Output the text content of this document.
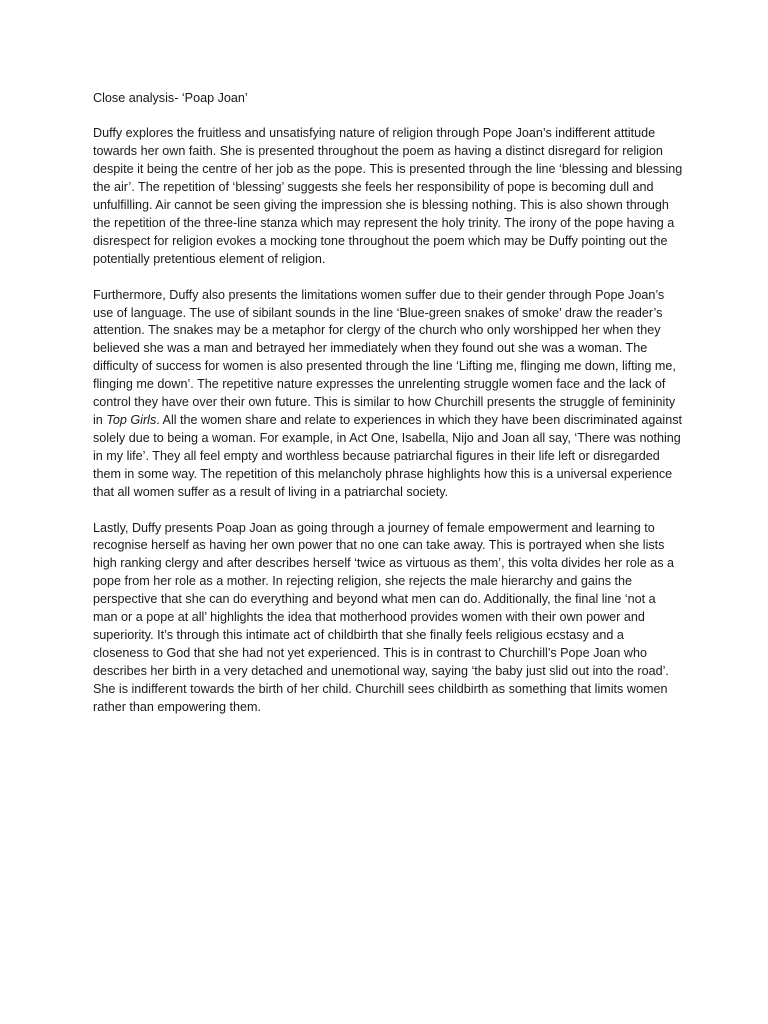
Close analysis- ‘Poap Joan’

Duffy explores the fruitless and unsatisfying nature of religion through Pope Joan’s indifferent attitude towards her own faith. She is presented throughout the poem as having a distinct disregard for religion despite it being the centre of her job as the pope. This is presented through the line ‘blessing and blessing the air’. The repetition of ‘blessing’ suggests she feels her responsibility of pope is becoming dull and unfulfilling. Air cannot be seen giving the impression she is blessing nothing. This is also shown through the repetition of the three-line stanza which may represent the holy trinity. The irony of the pope having a disrespect for religion evokes a mocking tone throughout the poem which may be Duffy pointing out the potentially pretentious element of religion.

Furthermore, Duffy also presents the limitations women suffer due to their gender through Pope Joan’s use of language. The use of sibilant sounds in the line ‘Blue-green snakes of smoke’ draw the reader’s attention. The snakes may be a metaphor for clergy of the church who only worshipped her when they believed she was a man and betrayed her immediately when they found out she was a woman. The difficulty of success for women is also presented through the line ‘Lifting me, flinging me down, lifting me, flinging me down’. The repetitive nature expresses the unrelenting struggle women face and the lack of control they have over their own future. This is similar to how Churchill presents the struggle of femininity in Top Girls. All the women share and relate to experiences in which they have been discriminated against solely due to being a woman. For example, in Act One, Isabella, Nijo and Joan all say, ‘There was nothing in my life’. They all feel empty and worthless because patriarchal figures in their life left or disregarded them in some way. The repetition of this melancholy phrase highlights how this is a universal experience that all women suffer as a result of living in a patriarchal society.

Lastly, Duffy presents Poap Joan as going through a journey of female empowerment and learning to recognise herself as having her own power that no one can take away. This is portrayed when she lists high ranking clergy and after describes herself ‘twice as virtuous as them’, this volta divides her role as a pope from her role as a mother. In rejecting religion, she rejects the male hierarchy and gains the perspective that she can do everything and beyond what men can do. Additionally, the final line ‘not a man or a pope at all’ highlights the idea that motherhood provides women with their own power and superiority. It’s through this intimate act of childbirth that she finally feels religious ecstasy and a closeness to God that she had not yet experienced. This is in contrast to Churchill’s Pope Joan who describes her birth in a very detached and unemotional way, saying ‘the baby just slid out into the road’. She is indifferent towards the birth of her child. Churchill sees childbirth as something that limits women rather than empowering them.
